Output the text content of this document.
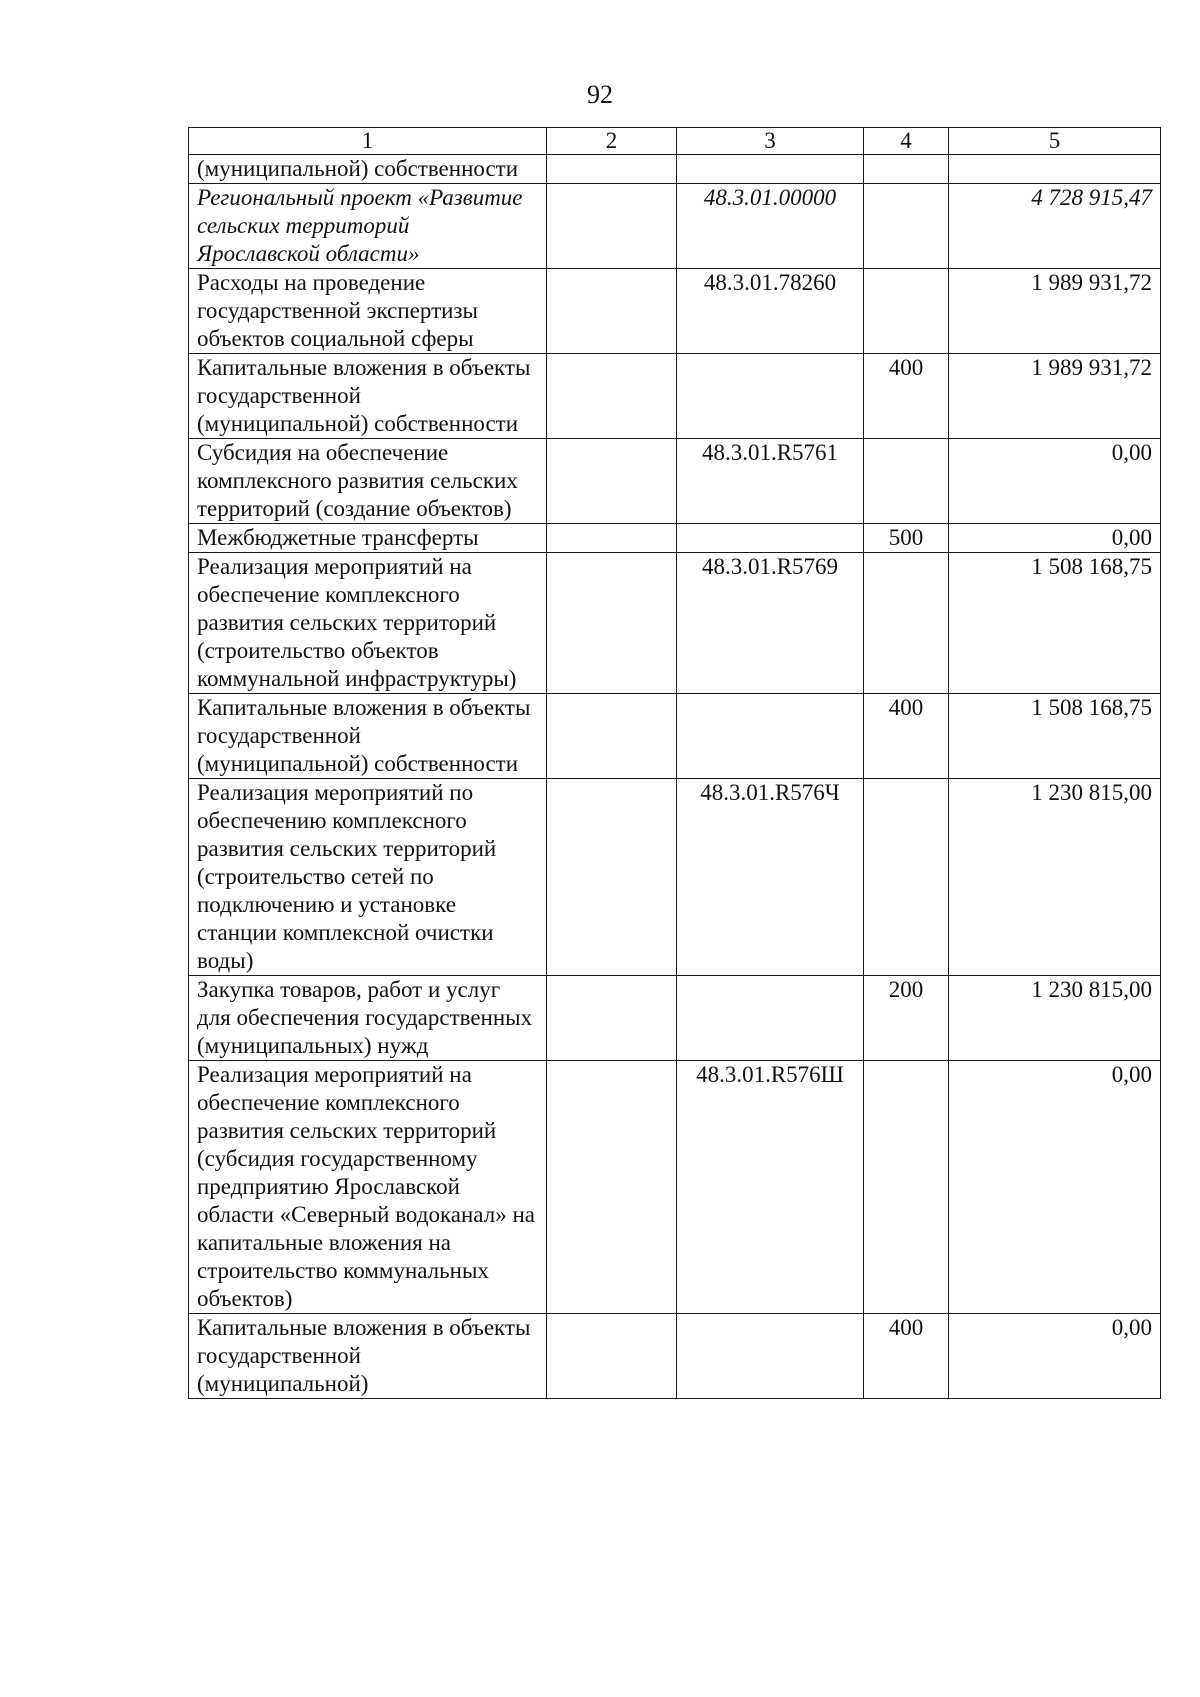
92
1	2	3	4	5
(муниципальной) собственности				
Региональный проект «Развитие сельских территорий Ярославской области»		48.3.01.00000		4 728 915,47
Расходы на проведение государственной экспертизы объектов социальной сферы		48.3.01.78260		1 989 931,72
Капитальные вложения в объекты государственной (муниципальной) собственности			400	1 989 931,72
Субсидия на обеспечение комплексного развития сельских территорий (создание объектов)		48.3.01.R5761		0,00
Межбюджетные трансферты			500	0,00
Реализация мероприятий на обеспечение комплексного развития сельских территорий (строительство объектов коммунальной инфраструктуры)		48.3.01.R5769		1 508 168,75
Капитальные вложения в объекты государственной (муниципальной) собственности			400	1 508 168,75
Реализация мероприятий по обеспечению комплексного развития сельских территорий (строительство сетей по подключению и установке станции комплексной очистки воды)		48.3.01.R576Ч		1 230 815,00
Закупка товаров, работ и услуг для обеспечения государственных (муниципальных) нужд			200	1 230 815,00
Реализация мероприятий на обеспечение комплексного развития сельских территорий (субсидия государственному предприятию Ярославской области «Северный водоканал» на капитальные вложения на строительство коммунальных объектов)		48.3.01.R576Ш		0,00
Капитальные вложения в объекты государственной (муниципальной)			400	0,00
